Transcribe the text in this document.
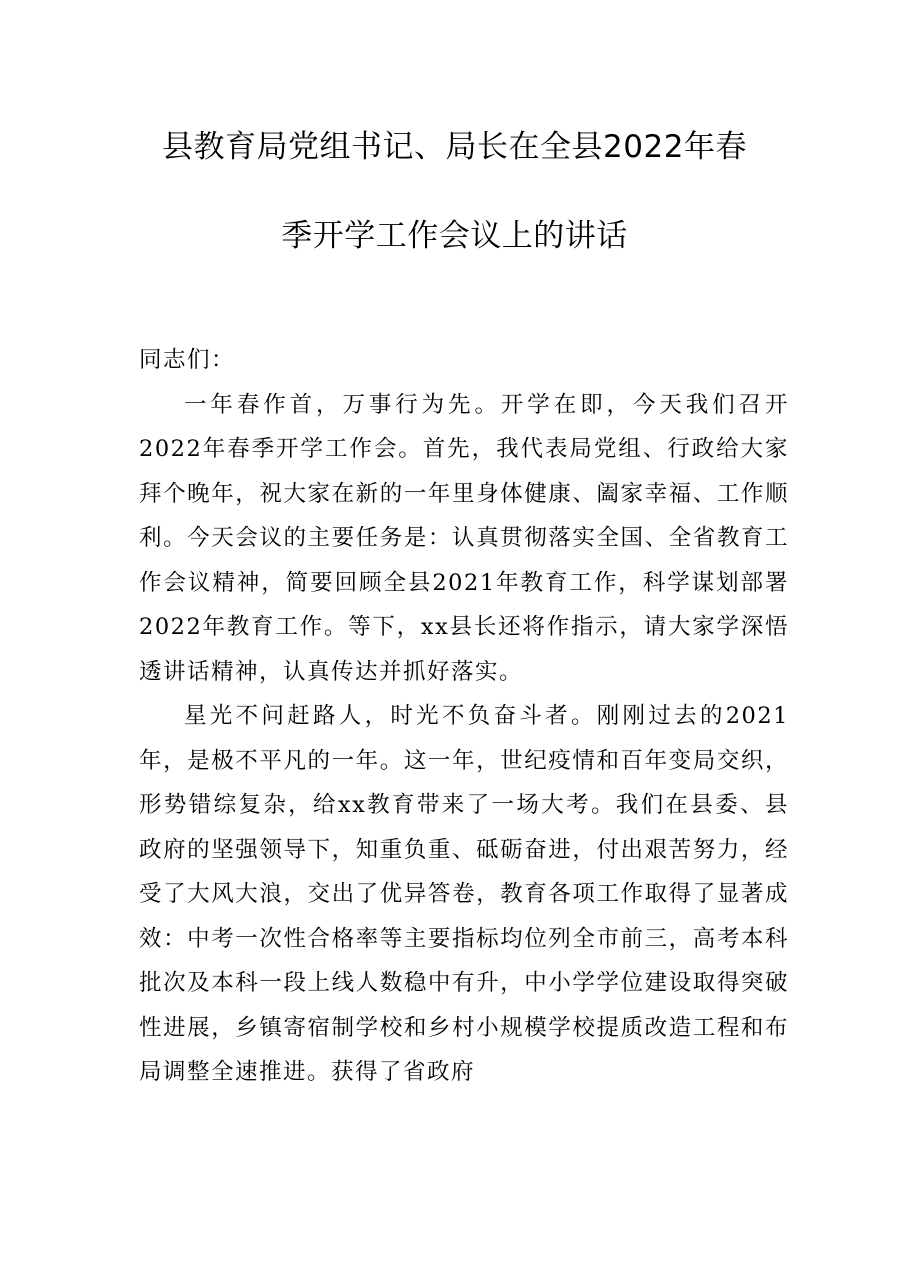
县教育局党组书记、局长在全县2022年春
季开学工作会议上的讲话

同志们：

一年春作首，万事行为先。开学在即，今天我们召开2022年春季开学工作会。首先，我代表局党组、行政给大家拜个晚年，祝大家在新的一年里身体健康、阖家幸福、工作顺利。今天会议的主要任务是：认真贯彻落实全国、全省教育工作会议精神，简要回顾全县2021年教育工作，科学谋划部署2022年教育工作。等下，xx县长还将作指示，请大家学深悟透讲话精神，认真传达并抓好落实。

星光不问赶路人，时光不负奋斗者。刚刚过去的2021年，是极不平凡的一年。这一年，世纪疫情和百年变局交织，形势错综复杂，给xx教育带来了一场大考。我们在县委、县政府的坚强领导下，知重负重、砥砺奋进，付出艰苦努力，经受了大风大浪，交出了优异答卷，教育各项工作取得了显著成效：中考一次性合格率等主要指标均位列全市前三，高考本科批次及本科一段上线人数稳中有升，中小学学位建设取得突破性进展，乡镇寄宿制学校和乡村小规模学校提质改造工程和布局调整全速推进。获得了省政府
